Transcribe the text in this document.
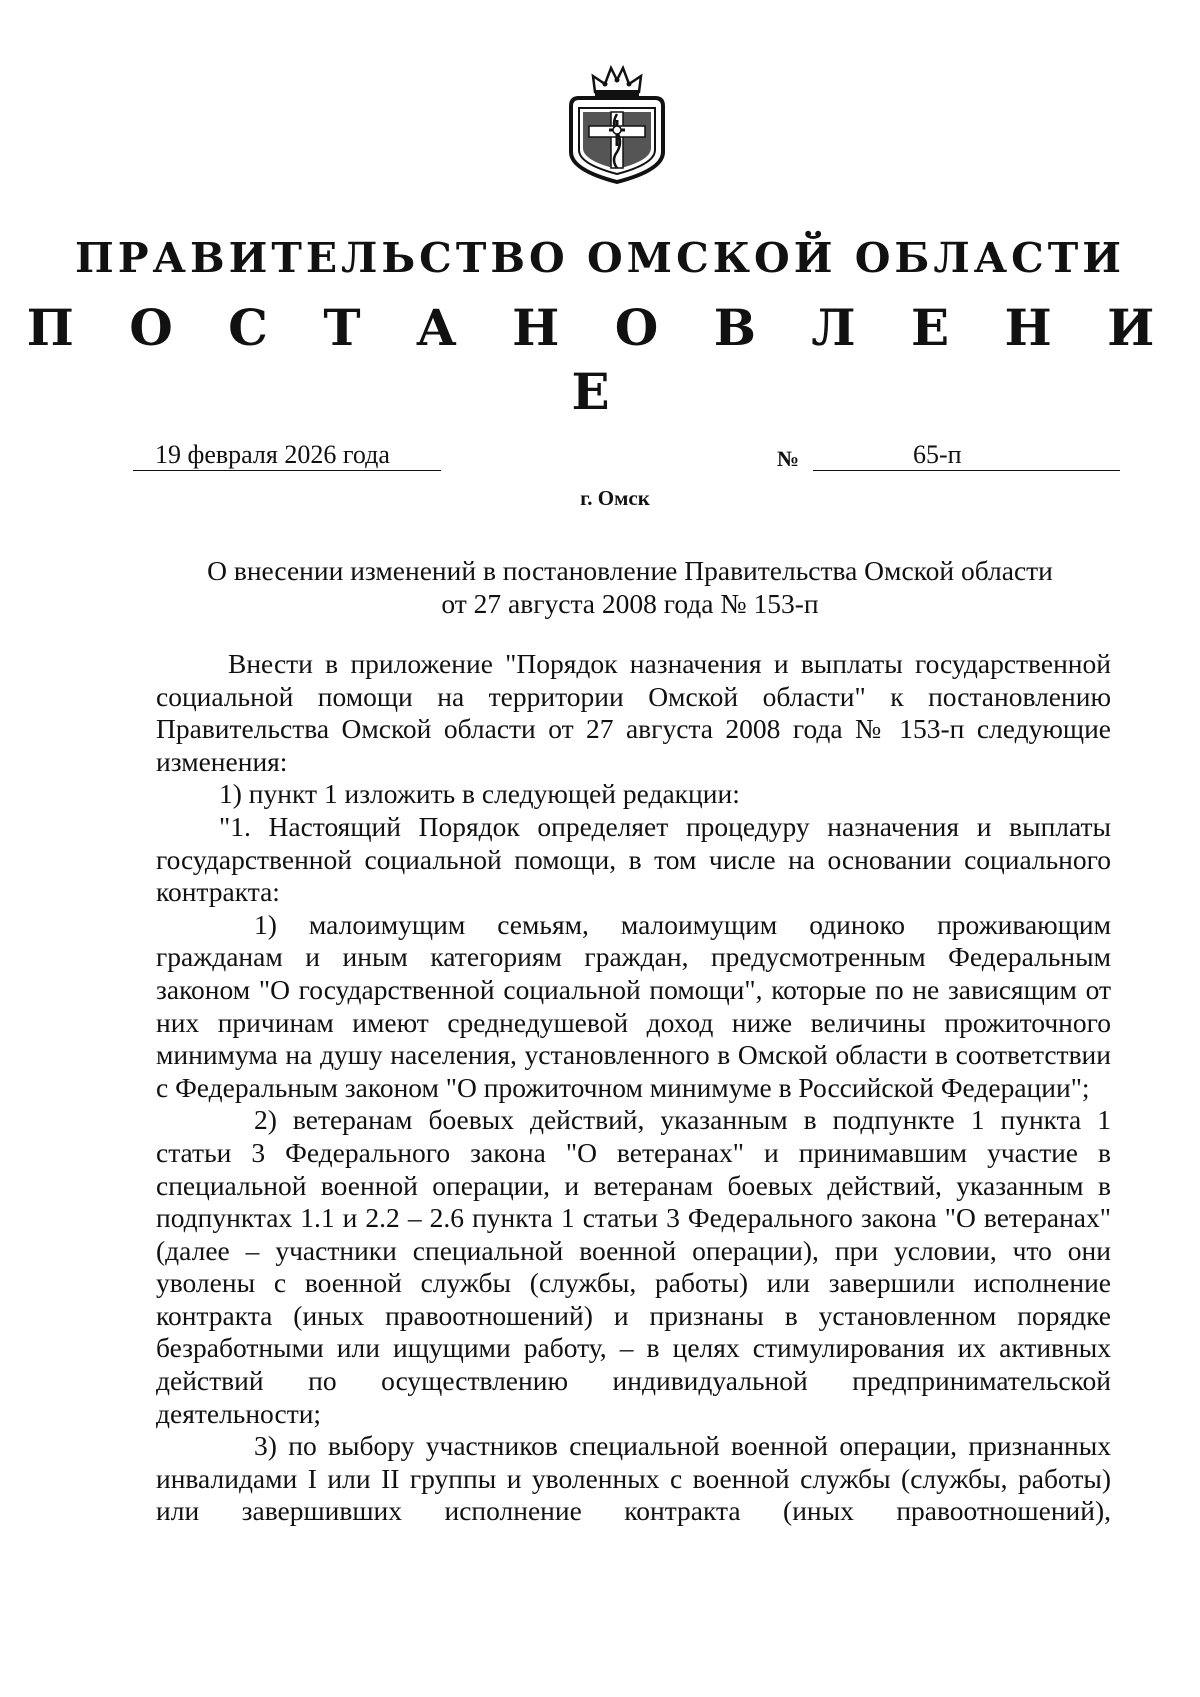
ПРАВИТЕЛЬСТВО ОМСКОЙ ОБЛАСТИ
П О С Т А Н О В Л Е Н И Е
19 февраля 2026 года	№	65-п
г. Омск
О внесении изменений в постановление Правительства Омской области
от 27 августа 2008 года № 153-п

Внести в приложение "Порядок назначения и выплаты государственной социальной помощи на территории Омской области" к постановлению Правительства Омской области от 27 августа 2008 года № 153-п следующие изменения:

1) пункт 1 изложить в следующей редакции:

"1. Настоящий Порядок определяет процедуру назначения и выплаты государственной социальной помощи, в том числе на основании социального контракта:

1) малоимущим семьям, малоимущим одиноко проживающим гражданам и иным категориям граждан, предусмотренным Федеральным законом "О государственной социальной помощи", которые по не зависящим от них причинам имеют среднедушевой доход ниже величины прожиточного минимума на душу населения, установленного в Омской области в соответствии с Федеральным законом "О прожиточном минимуме в Российской Федерации";

2) ветеранам боевых действий, указанным в подпункте 1 пункта 1 статьи 3 Федерального закона "О ветеранах" и принимавшим участие в специальной военной операции, и ветеранам боевых действий, указанным в подпунктах 1.1 и 2.2 – 2.6 пункта 1 статьи 3 Федерального закона "О ветеранах" (далее – участники специальной военной операции), при условии, что они уволены с военной службы (службы, работы) или завершили исполнение контракта (иных правоотношений) и признаны в установленном порядке безработными или ищущими работу, – в целях стимулирования их активных действий по осуществлению индивидуальной предпринимательской деятельности;

3) по выбору участников специальной военной операции, признанных инвалидами I или II группы и уволенных с военной службы (службы, работы) или завершивших исполнение контракта (иных правоотношений),
